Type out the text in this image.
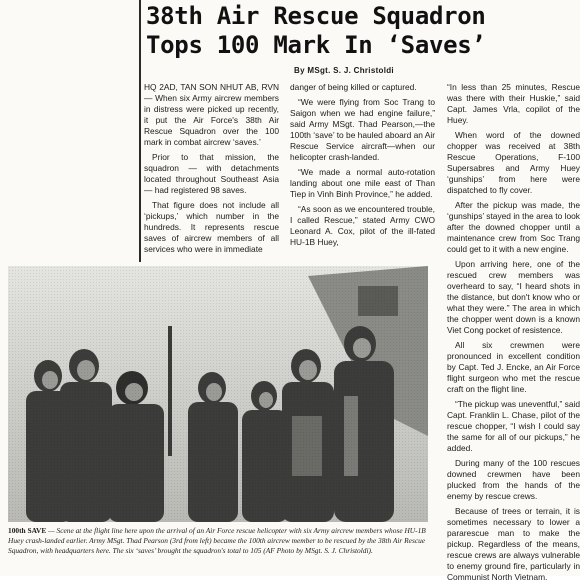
38th Air Rescue Squadron
Tops 100 Mark In ‘Saves’
By MSgt. S. J. Christoldi

HQ 2AD, TAN SON NHUT AB, RVN — When six Army aircrew members in distress were picked up recently, it put the Air Force's 38th Air Rescue Squadron over the 100 mark in combat aircrew ‘saves.’

Prior to that mission, the squadron — with detachments located throughout Southeast Asia — had registered 98 saves.

That figure does not include all ‘pickups,’ which number in the hundreds. It represents rescue saves of aircrew members of all services who were in immediate

danger of being killed or captured.

“We were flying from Soc Trang to Saigon when we had engine failure,” said Army MSgt. Thad Pearson,—the 100th ‘save’ to be hauled aboard an Air Rescue Service aircraft—when our helicopter crash-landed.

“We made a normal auto-rotation landing about one mile east of Than Tiep in Vinh Binh Province,” he added.

“As soon as we encountered trouble, I called Rescue,” stated Army CWO Leonard A. Cox, pilot of the ill-fated HU-1B Huey,

“In less than 25 minutes, Rescue was there with their Huskie,” said Capt. James Vrla, copilot of the Huey.

When word of the downed chopper was received at 38th Rescue Operations, F-100 Supersabres and Army Huey ‘gunships’ from here were dispatched to fly cover.

After the pickup was made, the ‘gunships’ stayed in the area to look after the downed chopper until a maintenance crew from Soc Trang could get to it with a new engine.

Upon arriving here, one of the rescued crew members was overheard to say, “I heard shots in the distance, but don't know who or what they were.” The area in which the chopper went down is a known Viet Cong pocket of resistence.

All six crewmen were pronounced in excellent condition by Capt. Ted J. Encke, an Air Force flight surgeon who met the rescue craft on the flight line.

“The pickup was uneventful,” said Capt. Franklin L. Chase, pilot of the rescue chopper, “I wish I could say the same for all of our pickups,” he added.

During many of the 100 rescues downed crewmen have been plucked from the hands of the enemy by rescue crews.

Because of trees or terrain, it is sometimes necessary to lower a pararescue man to make the pickup. Regardless of the means, rescue crews are always vulnerable to enemy ground fire, particularly in Communist North Vietnam.

100th SAVE — Scene at the flight line here upon the arrival of an Air Force rescue helicopter with six Army aircrew members whose HU-1B Huey crash-landed earlier. Army MSgt. Thad Pearson (3rd from left) became the 100th aircrew member to be rescued by the 38th Air Rescue Squadron, with headquarters here. The six ‘saves’ brought the squadron's total to 105 (AF Photo by MSgt. S. J. Christoldi).
